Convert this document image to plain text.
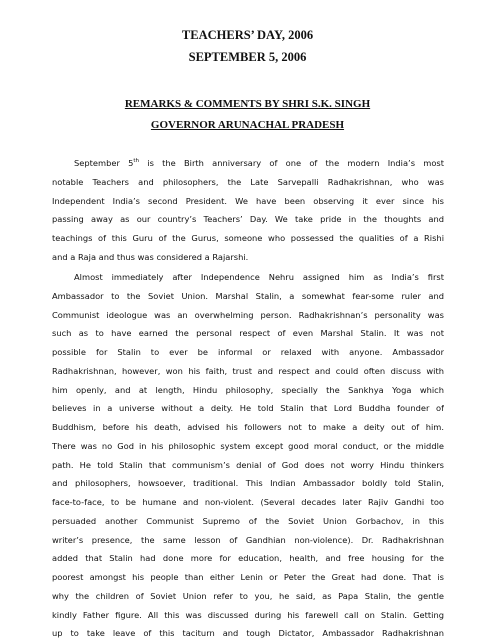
TEACHERS’ DAY, 2006

SEPTEMBER 5, 2006

REMARKS & COMMENTS BY SHRI S.K. SINGH

GOVERNOR ARUNACHAL PRADESH

September 5th is the Birth anniversary of one of the modern India’s most
notable Teachers and philosophers, the Late Sarvepalli Radhakrishnan, who was
Independent India’s second President. We have been observing it ever since his
passing away as our country’s Teachers’ Day. We take pride in the thoughts and
teachings of this Guru of the Gurus, someone who possessed the qualities of a Rishi
and a Raja and thus was considered a Rajarshi.
Almost immediately after Independence Nehru assigned him as India’s first
Ambassador to the Soviet Union. Marshal Stalin, a somewhat fear-some ruler and
Communist ideologue was an overwhelming person. Radhakrishnan’s personality was
such as to have earned the personal respect of even Marshal Stalin. It was not
possible for Stalin to ever be informal or relaxed with anyone. Ambassador
Radhakrishnan, however, won his faith, trust and respect and could often discuss with
him openly, and at length, Hindu philosophy, specially the Sankhya Yoga which
believes in a universe without a deity. He told Stalin that Lord Buddha founder of
Buddhism, before his death, advised his followers not to make a deity out of him.
There was no God in his philosophic system except good moral conduct, or the middle
path. He told Stalin that communism’s denial of God does not worry Hindu thinkers
and philosophers, howsoever, traditional. This Indian Ambassador boldly told Stalin,
face-to-face, to be humane and non-violent. (Several decades later Rajiv Gandhi too
persuaded another Communist Supremo of the Soviet Union Gorbachov, in this
writer’s presence, the same lesson of Gandhian non-violence). Dr. Radhakrishnan
added that Stalin had done more for education, health, and free housing for the
poorest amongst his people than either Lenin or Peter the Great had done. That is
why the children of Soviet Union refer to you, he said, as Papa Stalin, the gentle
kindly Father figure. All this was discussed during his farewell call on Stalin. Getting
up to take leave of this taciturn and tough Dictator, Ambassador Radhakrishnan
